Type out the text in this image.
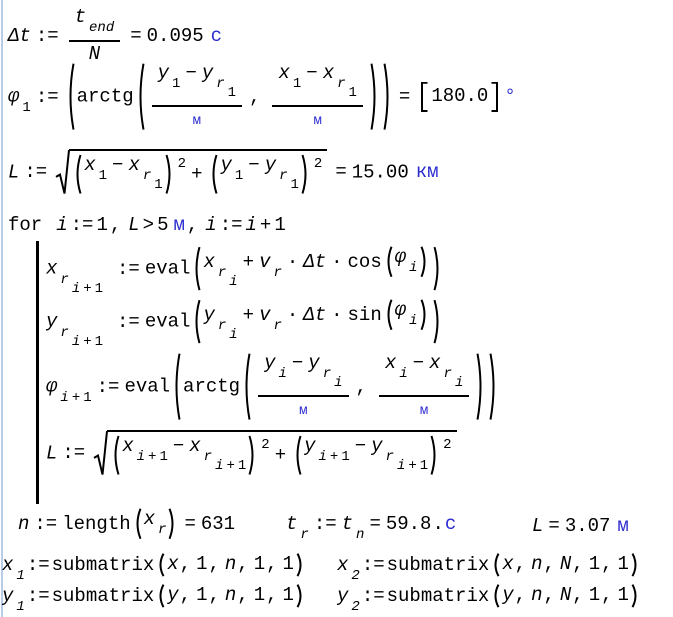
Δt := $\frac{\text{t end}}{N} = 0.095$ с
φ 1 := arctg $\frac{\text{y 1 − y r1}}{м}$ , $\frac{\text{x 1 − x r1}}{м} = 180.0$ °
L := x 1 − x r1
2 + y 1 − y r1
2 = 15.00 км
for i := 1 , L > 5 м , i := i + 1
x ri + 1:= eval x ri+ v r · Δt · cos φ i
y ri + 1:= eval y ri+ v r · Δt · sin φ i
φ i + 1 := eval arctg $\frac{\text{y i − y ri}}{м}$ , $\frac{\text{x i − x ri}}{м}$
L := x i + 1 − x ri + 1
2 + y i + 1 − y ri + 1
2
n := length x r = 631	t r := t n = 59.8.с	L = 3.07 м
x 1 := submatrix x, 1, n, 1, 1	x 2 := submatrix x, n, N, 1, 1
y 1 := submatrix y, 1, n, 1, 1	y 2 := submatrix y, n, N, 1, 1
